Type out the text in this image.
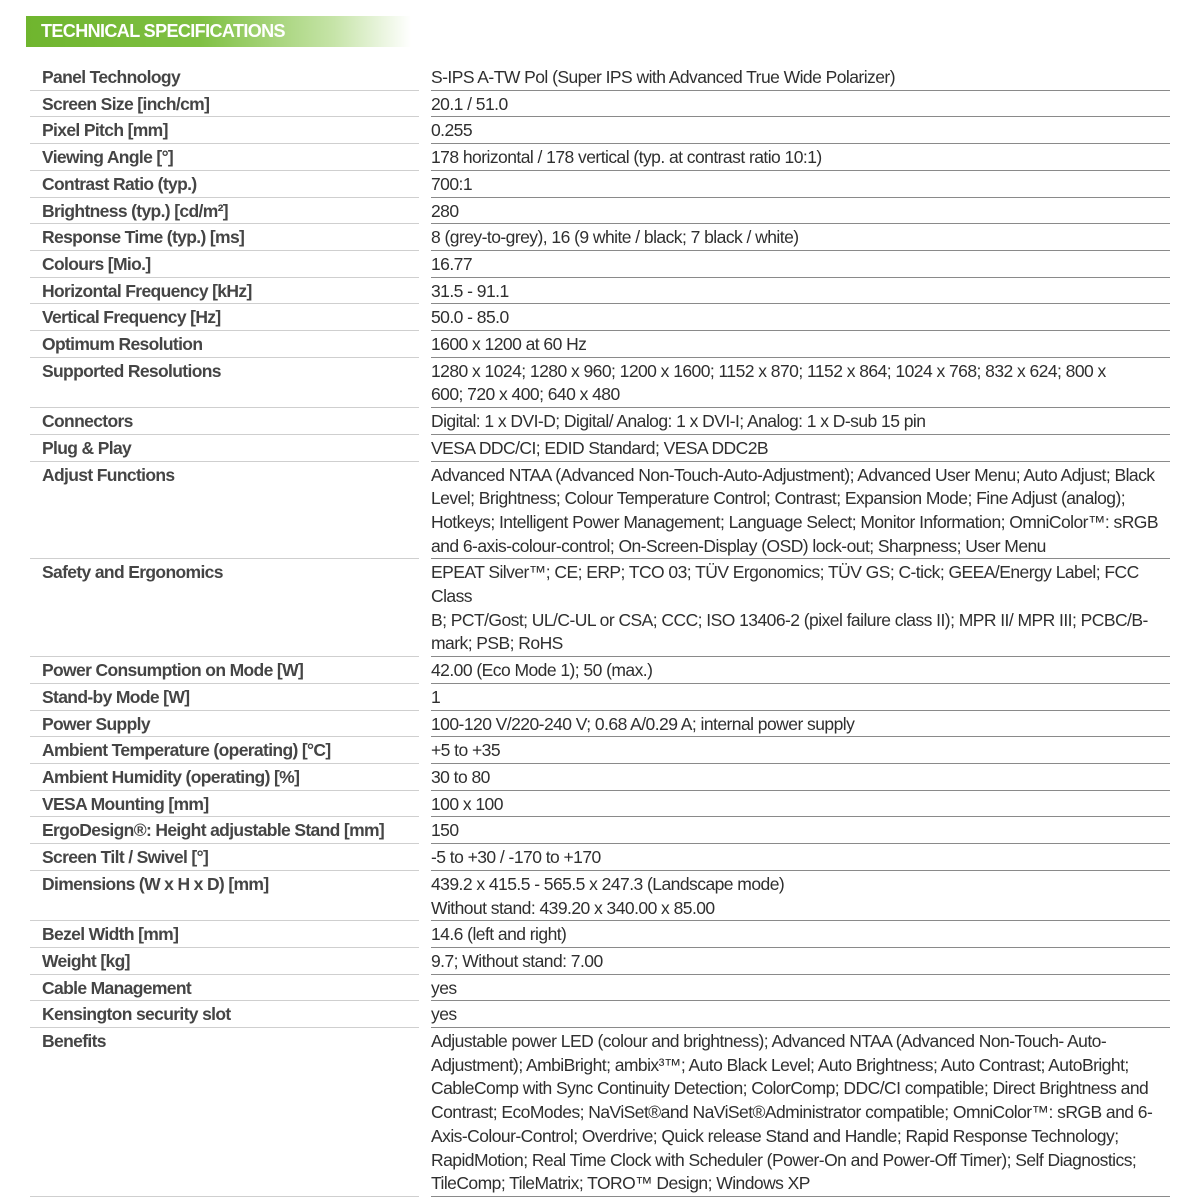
TECHNICAL SPECIFICATIONS
Panel Technology	S-IPS A-TW Pol (Super IPS with Advanced True Wide Polarizer)
Screen Size [inch/cm]	20.1 / 51.0
Pixel Pitch [mm]	0.255
Viewing Angle [°]	178 horizontal / 178 vertical (typ. at contrast ratio 10:1)
Contrast Ratio (typ.)	700:1
Brightness (typ.) [cd/m²]	280
Response Time (typ.) [ms]	8 (grey-to-grey), 16 (9 white / black; 7 black / white)
Colours [Mio.]	16.77
Horizontal Frequency [kHz]	31.5 - 91.1
Vertical Frequency [Hz]	50.0 - 85.0
Optimum Resolution	1600 x 1200 at 60 Hz
Supported Resolutions	1280 x 1024; 1280 x 960; 1200 x 1600; 1152 x 870; 1152 x 864; 1024 x 768; 832 x 624; 800 x
600; 720 x 400; 640 x 480
Connectors	Digital: 1 x DVI-D; Digital/ Analog: 1 x DVI-I; Analog: 1 x D-sub 15 pin
Plug & Play	VESA DDC/CI; EDID Standard; VESA DDC2B
Adjust Functions	Advanced NTAA (Advanced Non-Touch-Auto-Adjustment); Advanced User Menu; Auto Adjust; Black
Level; Brightness; Colour Temperature Control; Contrast; Expansion Mode; Fine Adjust (analog);
Hotkeys; Intelligent Power Management; Language Select; Monitor Information; OmniColor™: sRGB
and 6-axis-colour-control; On-Screen-Display (OSD) lock-out; Sharpness; User Menu
Safety and Ergonomics	EPEAT Silver™; CE; ERP; TCO 03; TÜV Ergonomics; TÜV GS; C-tick; GEEA/Energy Label; FCC Class
B; PCT/Gost; UL/C-UL or CSA; CCC; ISO 13406-2 (pixel failure class II); MPR II/ MPR III; PCBC/B-
mark; PSB; RoHS
Power Consumption on Mode [W]	42.00 (Eco Mode 1); 50 (max.)
Stand-by Mode [W]	1
Power Supply	100-120 V/220-240 V; 0.68 A/0.29 A; internal power supply
Ambient Temperature (operating) [°C]	+5 to +35
Ambient Humidity (operating) [%]	30 to 80
VESA Mounting [mm]	100 x 100
ErgoDesign®: Height adjustable Stand [mm]	150
Screen Tilt / Swivel [°]	-5 to +30 / -170 to +170
Dimensions (W x H x D) [mm]	439.2 x 415.5 - 565.5 x 247.3 (Landscape mode)
Without stand: 439.20 x 340.00 x 85.00
Bezel Width [mm]	14.6 (left and right)
Weight [kg]	9.7; Without stand: 7.00
Cable Management	yes
Kensington security slot	yes
Benefits	Adjustable power LED (colour and brightness); Advanced NTAA (Advanced Non-Touch- Auto-
Adjustment); AmbiBright; ambix³™; Auto Black Level; Auto Brightness; Auto Contrast; AutoBright;
CableComp with Sync Continuity Detection; ColorComp; DDC/CI compatible; Direct Brightness and
Contrast; EcoModes; NaViSet®and NaViSet®Administrator compatible; OmniColor™: sRGB and 6-
Axis-Colour-Control; Overdrive; Quick release Stand and Handle; Rapid Response Technology;
RapidMotion; Real Time Clock with Scheduler (Power-On and Power-Off Timer); Self Diagnostics;
TileComp; TileMatrix; TORO™ Design; Windows XP
